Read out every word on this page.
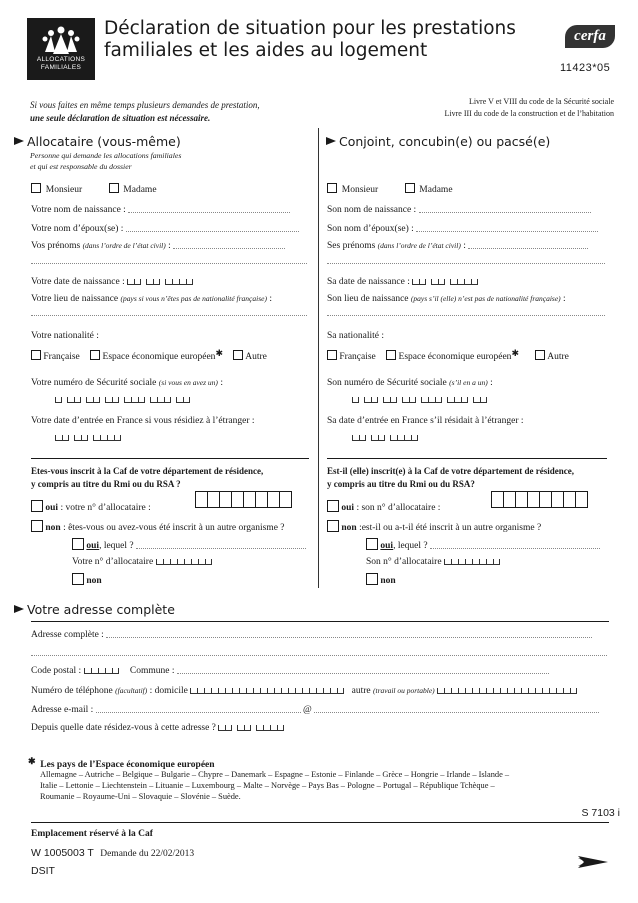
ALLOCATIONS
FAMILIALES
Déclaration de situation pour les prestations
familiales et les aides au logement
cerfa
11423*05
Si vous faites en même temps plusieurs demandes de prestation,
une seule déclaration de situation est nécessaire.
Livre V et VIII du code de la Sécurité sociale
Livre III du code de la construction et de l’habitation
Allocataire (vous-même)
Personne qui demande les allocations familiales
et qui est responsable du dossier
Monsieur	Madame
Votre nom de naissance :
Votre nom d’époux(se) :
Vos prénoms (dans l’ordre de l’état civil) :
Votre date de naissance :
Votre lieu de naissance (pays si vous n’êtes pas de nationalité française) :
Votre nationalité :
Française Espace économique européen✱ Autre
Votre numéro de Sécurité sociale (si vous en avez un) :
Votre date d’entrée en France si vous résidiez à l’étranger :
Etes-vous inscrit à la Caf de votre département de résidence,
y compris au titre du Rmi ou du RSA ?
oui : votre n° d’allocataire :
non : êtes-vous ou avez-vous été inscrit à un autre organisme ?
oui, lequel ?
Votre n° d’allocataire
non
Conjoint, concubin(e) ou pacsé(e)
Monsieur	Madame
Son nom de naissance :
Son nom d’époux(se) :
Ses prénoms (dans l’ordre de l’état civil) :
Sa date de naissance :
Son lieu de naissance (pays s’il (elle) n’est pas de nationalité française) :
Sa nationalité :
Française Espace économique européen✱	Autre
Son numéro de Sécurité sociale (s’il en a un) :
Sa date d’entrée en France s’il résidait à l’étranger :
Est-il (elle) inscrit(e) à la Caf de votre département de résidence,
y compris au titre du Rmi ou du RSA?
oui : son n° d’allocataire :
non :est-il ou a-t-il été inscrit à un autre organisme ?
oui, lequel ?
Son n° d’allocataire
non
Votre adresse complète
Adresse complète :
Code postal :	Commune :
Numéro de téléphone (facultatif) : domicile	autre (travail ou portable)
Adresse e-mail :	@
Depuis quelle date résidez-vous à cette adresse ?
✱ Les pays de l’Espace économique européen
Allemagne – Autriche – Belgique – Bulgarie – Chypre – Danemark – Espagne – Estonie – Finlande – Grèce – Hongrie – Irlande – Islande –
Italie – Lettonie – Liechtenstein – Lituanie – Luxembourg – Malte – Norvège – Pays Bas – Pologne – Portugal – République Tchèque –
Roumanie – Royaume-Uni – Slovaquie – Slovénie – Suède.
S 7103 i
Emplacement réservé à la Caf
W 1005003 T Demande du 22/02/2013
DSIT
